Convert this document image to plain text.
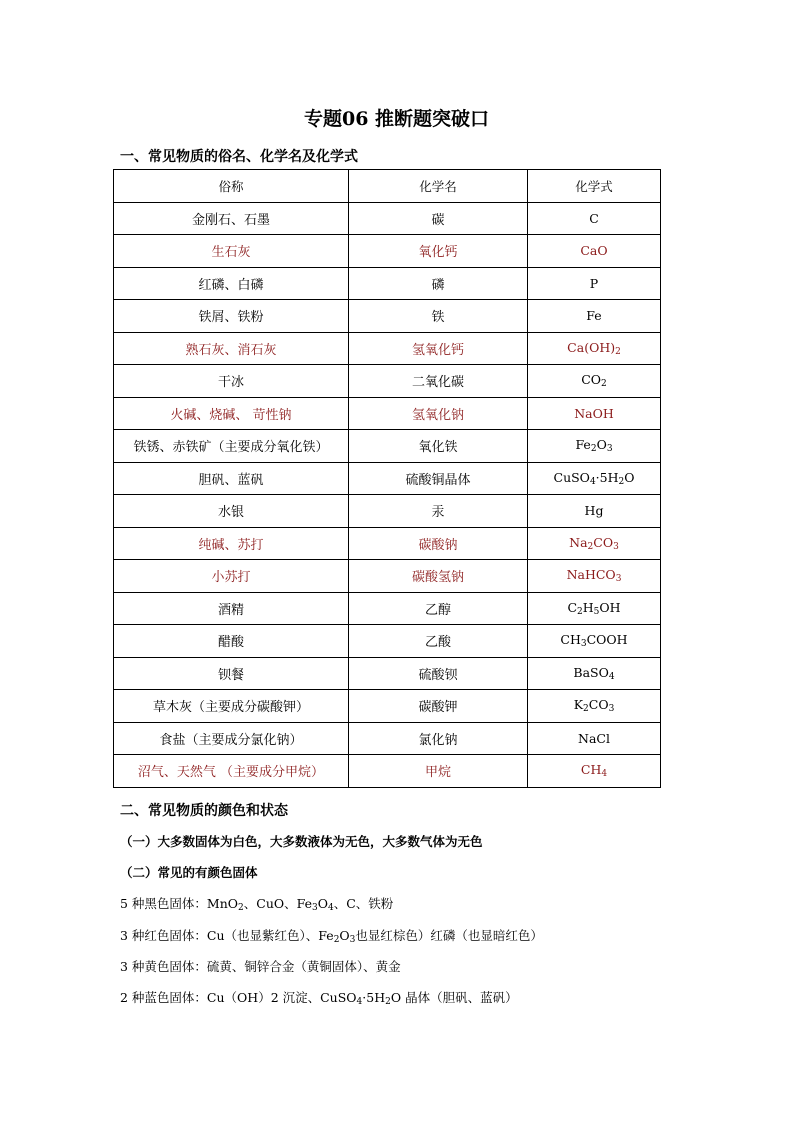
专题06 推断题突破口
一、常见物质的俗名、化学名及化学式
俗称	化学名	化学式
金刚石、石墨	碳	C
生石灰	氧化钙	CaO
红磷、白磷	磷	P
铁屑、铁粉	铁	Fe
熟石灰、消石灰	氢氧化钙	$Ca(OH)_2$
干冰	二氧化碳	$CO_2$
火碱、烧碱、 苛性钠	氢氧化钠	NaOH
铁锈、赤铁矿（主要成分氧化铁）	氧化铁	$Fe_2O_3$
胆矾、蓝矾	硫酸铜晶体	$CuSO_4\cdot 5H_2O$
水银	汞	Hg
纯碱、苏打	碳酸钠	$Na_2CO_3$
小苏打	碳酸氢钠	NaHCO$_3$
酒精	乙醇	$C_2H_5OH$
醋酸	乙酸	$CH_3COOH$
钡餐	硫酸钡	BaSO$_4$
草木灰（主要成分碳酸钾）	碳酸钾	$K_2CO_3$
食盐（主要成分氯化钠）	氯化钠	NaCl
沼气、天然气 （主要成分甲烷）	甲烷	$CH_4$
二、常见物质的颜色和状态
（一）大多数固体为白色，大多数液体为无色，大多数气体为无色
（二）常见的有颜色固体
5 种黑色固体：MnO$_2$、CuO、$Fe_3O_4$、C、铁粉
3 种红色固体：Cu（也显紫红色）、$Fe_2O_3$也显红棕色）红磷（也显暗红色）
3 种黄色固体：硫黄、铜锌合金（黄铜固体）、黄金
2 种蓝色固体：Cu（OH）2 沉淀、$CuSO_4\cdot 5H_2O$ 晶体（胆矾、蓝矾）
